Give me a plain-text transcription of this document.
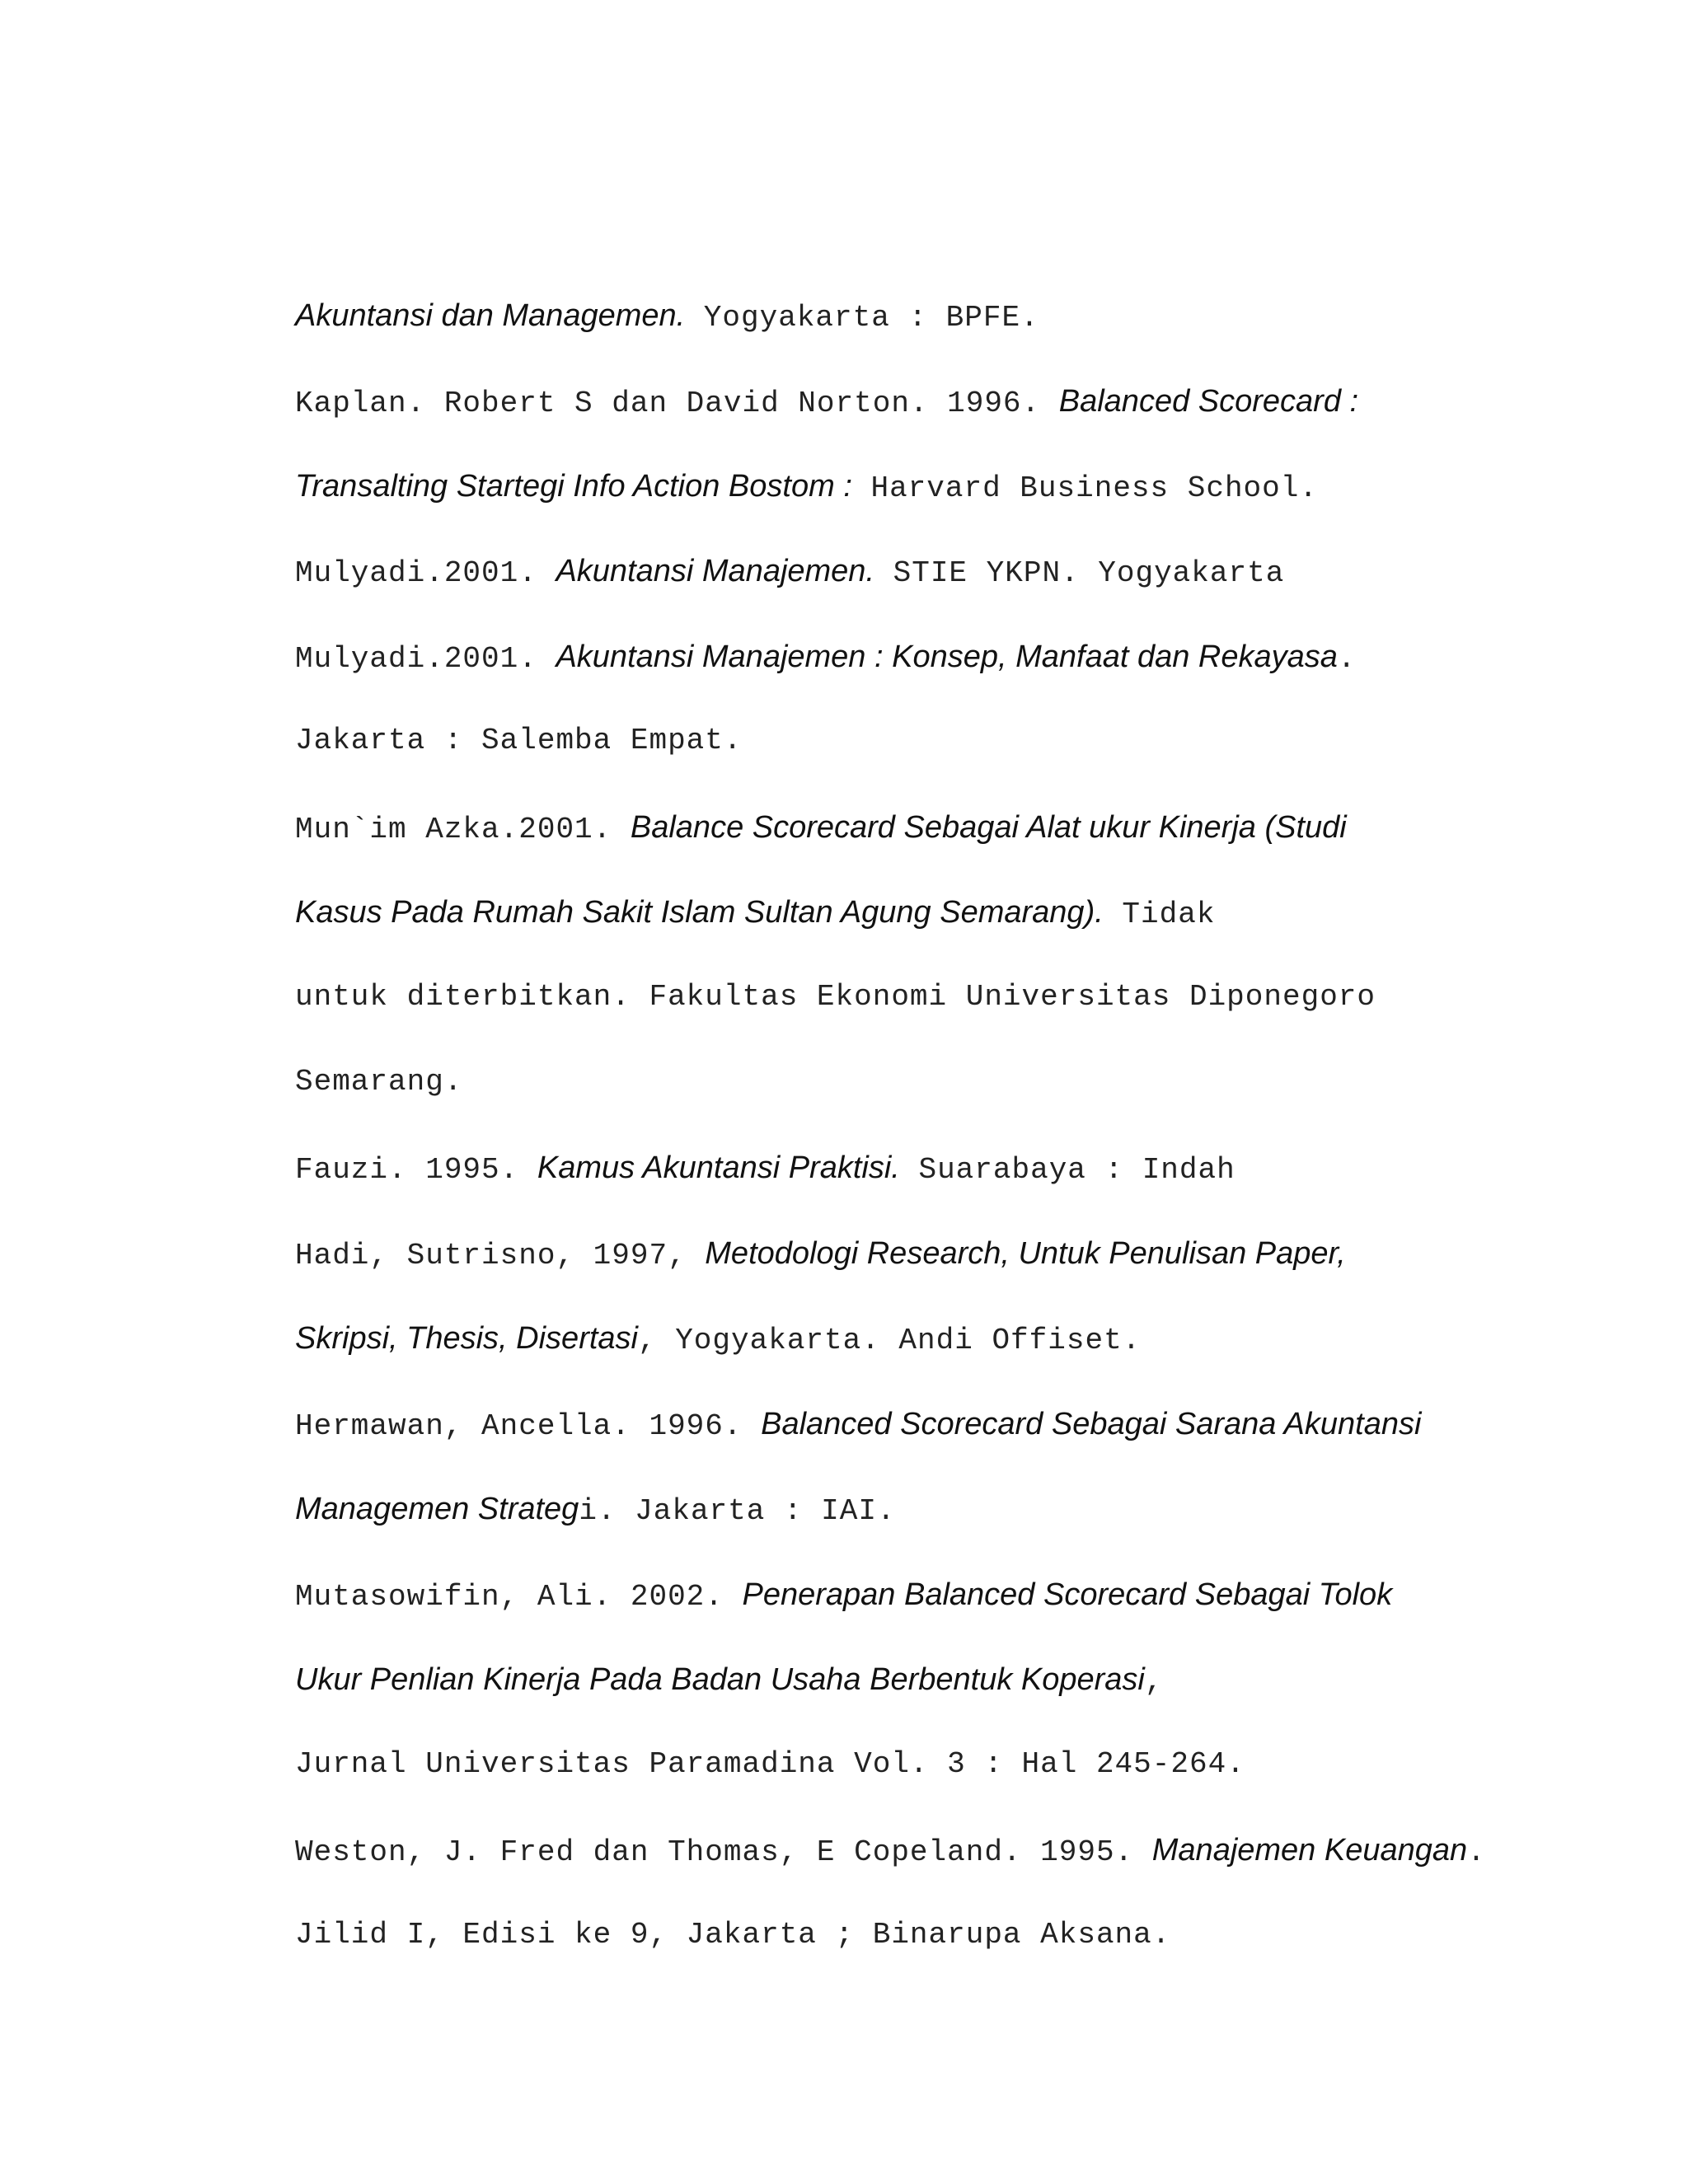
Akuntansi dan Managemen. Yogyakarta : BPFE.
Kaplan. Robert S dan David Norton. 1996. Balanced Scorecard :
Transalting Startegi Info Action Bostom : Harvard Business School.
Mulyadi.2001. Akuntansi Manajemen. STIE YKPN. Yogyakarta
Mulyadi.2001. Akuntansi Manajemen : Konsep, Manfaat dan Rekayasa.
Jakarta : Salemba Empat.
Mun`im Azka.2001. Balance Scorecard Sebagai Alat ukur Kinerja (Studi
Kasus Pada Rumah Sakit Islam Sultan Agung Semarang). Tidak
untuk diterbitkan. Fakultas Ekonomi Universitas Diponegoro
Semarang.
Fauzi. 1995. Kamus Akuntansi Praktisi. Suarabaya : Indah
Hadi, Sutrisno, 1997, Metodologi Research, Untuk Penulisan Paper,
Skripsi, Thesis, Disertasi, Yogyakarta. Andi Offiset.
Hermawan, Ancella. 1996. Balanced Scorecard Sebagai Sarana Akuntansi
Managemen Strategi. Jakarta : IAI.
Mutasowifin, Ali. 2002. Penerapan Balanced Scorecard Sebagai Tolok
Ukur Penlian Kinerja Pada Badan Usaha Berbentuk Koperasi,
Jurnal Universitas Paramadina Vol. 3 : Hal 245-264.
Weston, J. Fred dan Thomas, E Copeland. 1995. Manajemen Keuangan.
Jilid I, Edisi ke 9, Jakarta ; Binarupa Aksana.
